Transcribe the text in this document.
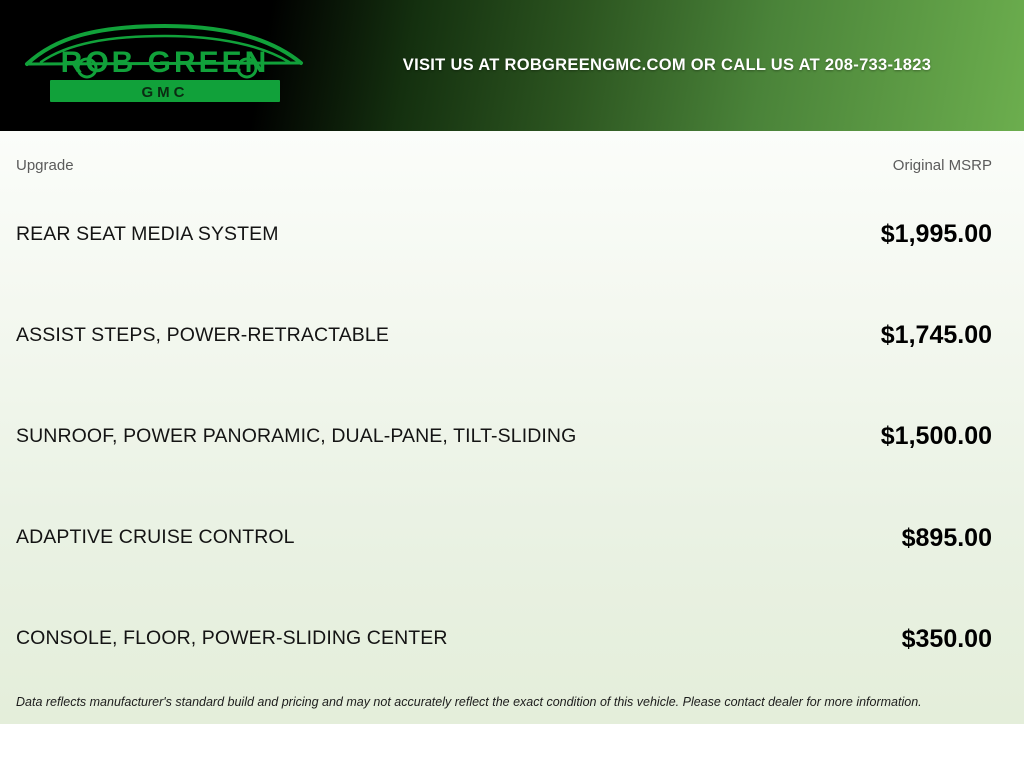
ROB GREEN
GMC
VISIT US AT ROBGREENGMC.COM OR CALL US AT 208-733-1823
Upgrade	Original MSRP
REAR SEAT MEDIA SYSTEM	$1,995.00
ASSIST STEPS, POWER-RETRACTABLE	$1,745.00
SUNROOF, POWER PANORAMIC, DUAL-PANE, TILT-SLIDING	$1,500.00
ADAPTIVE CRUISE CONTROL	$895.00
CONSOLE, FLOOR, POWER-SLIDING CENTER	$350.00
Data reflects manufacturer's standard build and pricing and may not accurately reflect the exact condition of this vehicle. Please contact dealer for more information.
